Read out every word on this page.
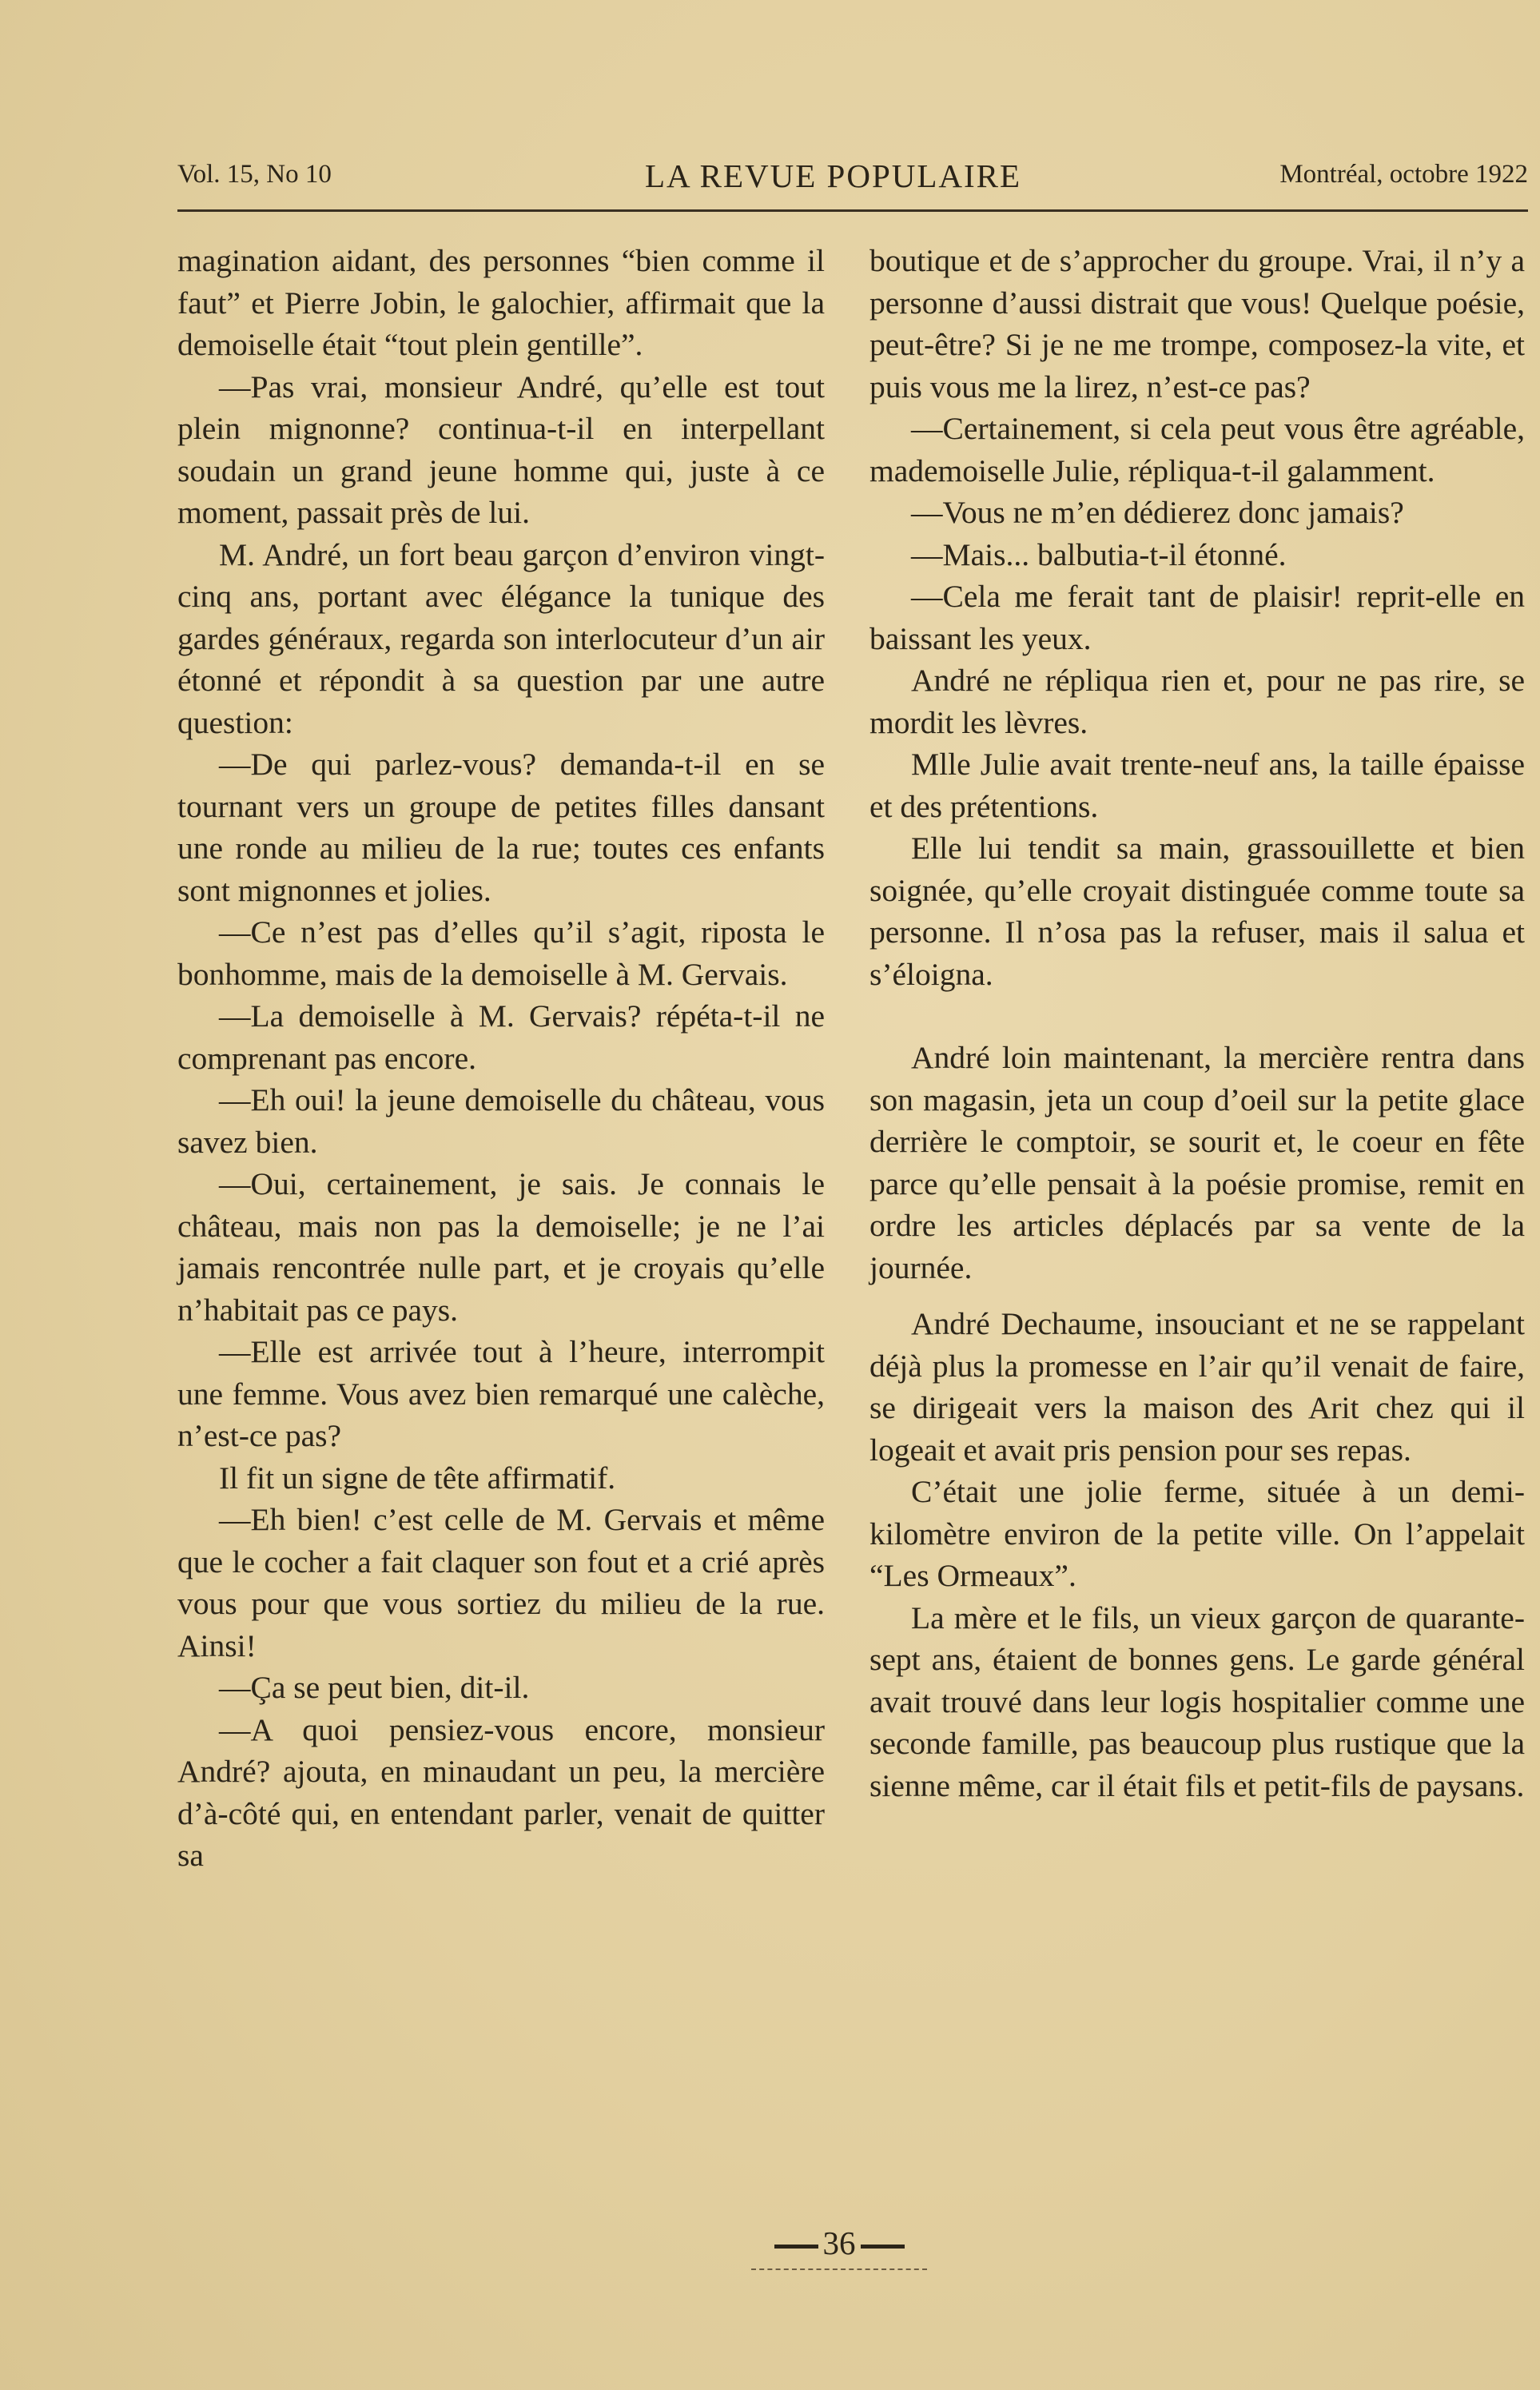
Vol. 15, No 10	LA REVUE POPULAIRE	Montréal, octobre 1922

magination aidant, des personnes “bien comme il faut” et Pierre Jobin, le galochier, affirmait que la demoiselle était “tout plein gentille”.

—Pas vrai, monsieur André, qu’elle est tout plein mignonne? continua-t-il en interpellant soudain un grand jeune homme qui, juste à ce moment, passait près de lui.

M. André, un fort beau garçon d’environ vingt-cinq ans, portant avec élégance la tunique des gardes généraux, regarda son interlocuteur d’un air étonné et répondit à sa question par une autre question:

—De qui parlez-vous? demanda-t-il en se tournant vers un groupe de petites filles dansant une ronde au milieu de la rue; toutes ces enfants sont mignonnes et jolies.

—Ce n’est pas d’elles qu’il s’agit, riposta le bonhomme, mais de la demoiselle à M. Gervais.

—La demoiselle à M. Gervais? répéta-t-il ne comprenant pas encore.

—Eh oui! la jeune demoiselle du château, vous savez bien.

—Oui, certainement, je sais. Je connais le château, mais non pas la demoiselle; je ne l’ai jamais rencontrée nulle part, et je croyais qu’elle n’habitait pas ce pays.

—Elle est arrivée tout à l’heure, interrompit une femme. Vous avez bien remarqué une calèche, n’est-ce pas?

Il fit un signe de tête affirmatif.

—Eh bien! c’est celle de M. Gervais et même que le cocher a fait claquer son fout et a crié après vous pour que vous sortiez du milieu de la rue. Ainsi!

—Ça se peut bien, dit-il.

—A quoi pensiez-vous encore, monsieur André? ajouta, en minaudant un peu, la mercière d’à-côté qui, en entendant parler, venait de quitter sa

boutique et de s’approcher du groupe. Vrai, il n’y a personne d’aussi distrait que vous! Quelque poésie, peut-être? Si je ne me trompe, composez-la vite, et puis vous me la lirez, n’est-ce pas?

—Certainement, si cela peut vous être agréable, mademoiselle Julie, répliqua-t-il galamment.

—Vous ne m’en dédierez donc jamais?

—Mais... balbutia-t-il étonné.

—Cela me ferait tant de plaisir! reprit-elle en baissant les yeux.

André ne répliqua rien et, pour ne pas rire, se mordit les lèvres.

Mlle Julie avait trente-neuf ans, la taille épaisse et des prétentions.

Elle lui tendit sa main, grassouillette et bien soignée, qu’elle croyait distinguée comme toute sa personne. Il n’osa pas la refuser, mais il salua et s’éloigna.

André loin maintenant, la mercière rentra dans son magasin, jeta un coup d’oeil sur la petite glace derrière le comptoir, se sourit et, le coeur en fête parce qu’elle pensait à la poésie promise, remit en ordre les articles déplacés par sa vente de la journée.

André Dechaume, insouciant et ne se rappelant déjà plus la promesse en l’air qu’il venait de faire, se dirigeait vers la maison des Arit chez qui il logeait et avait pris pension pour ses repas.

C’était une jolie ferme, située à un demi-kilomètre environ de la petite ville. On l’appelait “Les Ormeaux”.

La mère et le fils, un vieux garçon de quarante-sept ans, étaient de bonnes gens. Le garde général avait trouvé dans leur logis hospitalier comme une seconde famille, pas beaucoup plus rustique que la sienne même, car il était fils et petit-fils de paysans.

36
